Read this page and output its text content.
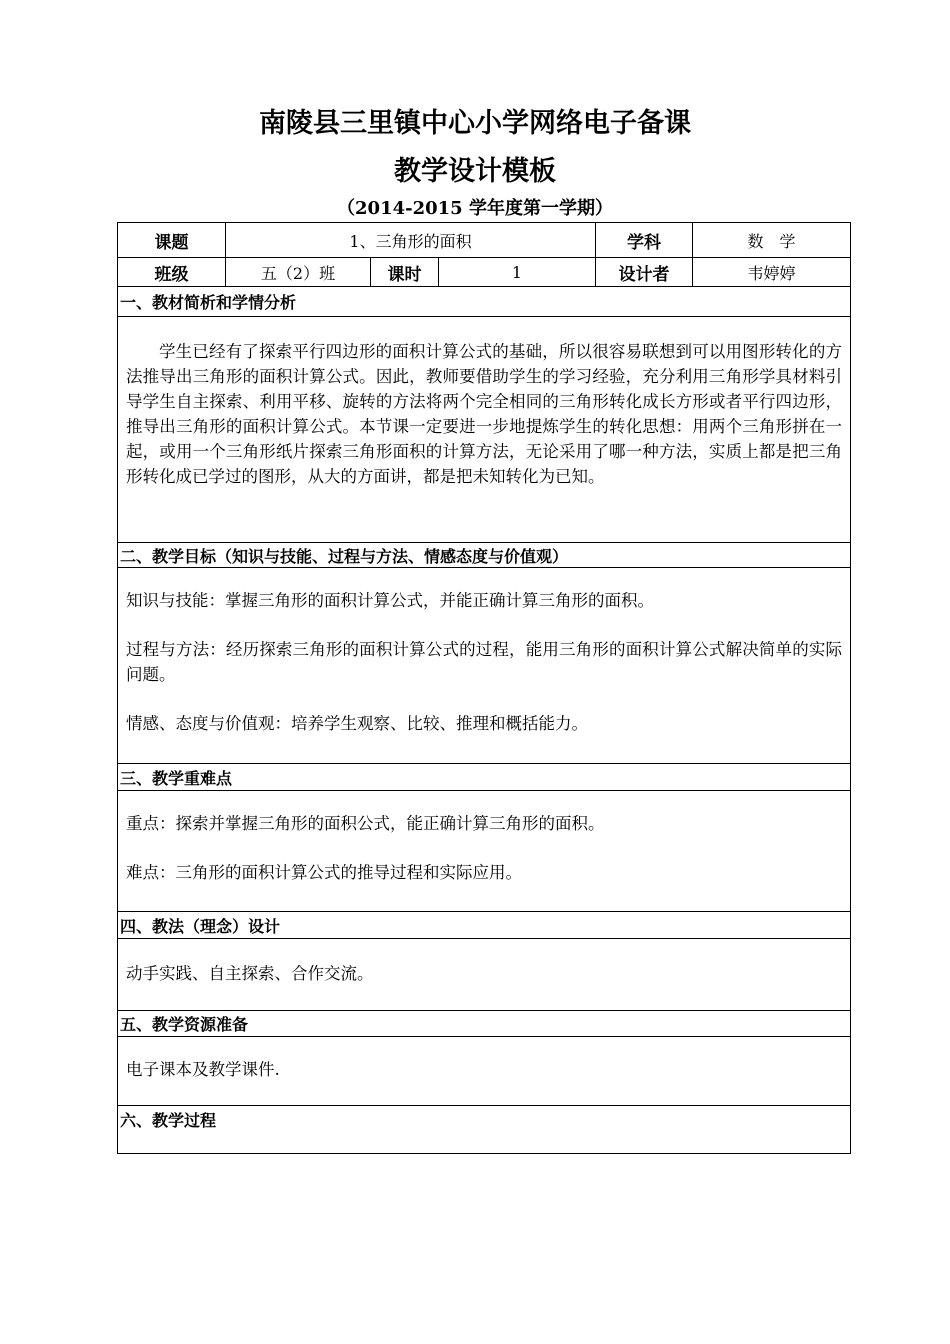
南陵县三里镇中心小学网络电子备课
教学设计模板
（2014-2015 学年度第一学期）
课题	1、三角形的面积			学科	数　学
班级	五（2）班	课时	1	设计者	韦婷婷
一、教材简析和学情分析					

学生已经有了探索平行四边形的面积计算公式的基础，所以很容易联想到可以用图形转化的方法推导出三角形的面积计算公式。因此，教师要借助学生的学习经验，充分利用三角形学具材料引导学生自主探索、利用平移、旋转的方法将两个完全相同的三角形转化成长方形或者平行四边形，推导出三角形的面积计算公式。本节课一定要进一步地提炼学生的转化思想：用两个三角形拼在一起，或用一个三角形纸片探索三角形面积的计算方法，无论采用了哪一种方法，实质上都是把三角形转化成已学过的图形，从大的方面讲，都是把未知转化为已知。					

二、教学目标（知识与技能、过程与方法、情感态度与价值观）					

知识与技能：掌握三角形的面积计算公式，并能正确计算三角形的面积。

过程与方法：经历探索三角形的面积计算公式的过程，能用三角形的面积计算公式解决简单的实际问题。

情感、态度与价值观：培养学生观察、比较、推理和概括能力。					

三、教学重难点					

重点：探索并掌握三角形的面积公式，能正确计算三角形的面积。

难点：三角形的面积计算公式的推导过程和实际应用。					

四、教法（理念）设计					

动手实践、自主探索、合作交流。					

五、教学资源准备					

电子课本及教学课件.					

六、教学过程					
